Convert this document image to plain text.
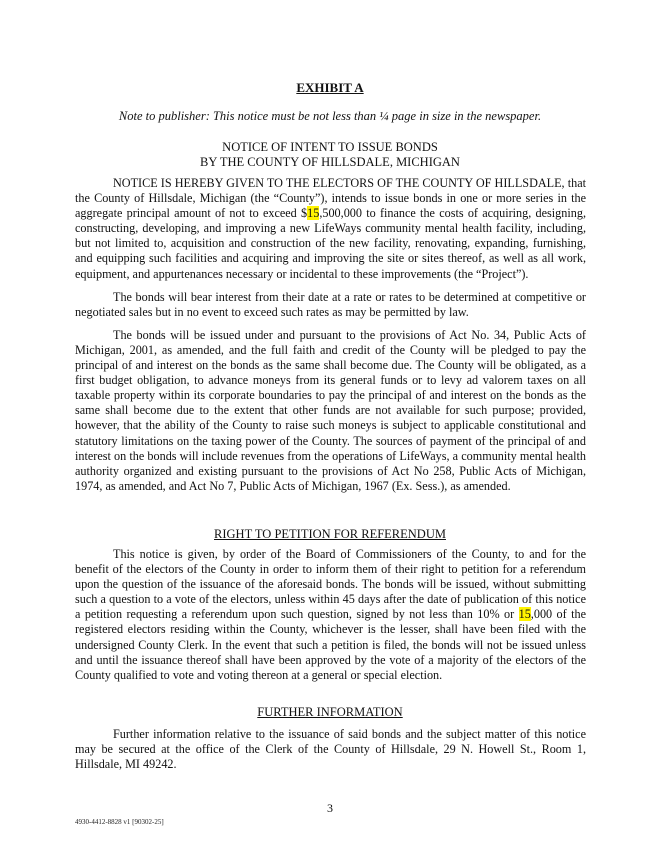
EXHIBIT A

Note to publisher: This notice must be not less than ¼ page in size in the newspaper.

NOTICE OF INTENT TO ISSUE BONDS
BY THE COUNTY OF HILLSDALE, MICHIGAN

NOTICE IS HEREBY GIVEN TO THE ELECTORS OF THE COUNTY OF HILLSDALE, that the County of Hillsdale, Michigan (the “County”), intends to issue bonds in one or more series in the aggregate principal amount of not to exceed $15,500,000 to finance the costs of acquiring, designing, constructing, developing, and improving a new LifeWays community mental health facility, including, but not limited to, acquisition and construction of the new facility, renovating, expanding, furnishing, and equipping such facilities and acquiring and improving the site or sites thereof, as well as all work, equipment, and appurtenances necessary or incidental to these improvements (the “Project”).

The bonds will bear interest from their date at a rate or rates to be determined at competitive or negotiated sales but in no event to exceed such rates as may be permitted by law.

The bonds will be issued under and pursuant to the provisions of Act No. 34, Public Acts of Michigan, 2001, as amended, and the full faith and credit of the County will be pledged to pay the principal of and interest on the bonds as the same shall become due. The County will be obligated, as a first budget obligation, to advance moneys from its general funds or to levy ad valorem taxes on all taxable property within its corporate boundaries to pay the principal of and interest on the bonds as the same shall become due to the extent that other funds are not available for such purpose; provided, however, that the ability of the County to raise such moneys is subject to applicable constitutional and statutory limitations on the taxing power of the County. The sources of payment of the principal of and interest on the bonds will include revenues from the operations of LifeWays, a community mental health authority organized and existing pursuant to the provisions of Act No 258, Public Acts of Michigan, 1974, as amended, and Act No 7, Public Acts of Michigan, 1967 (Ex. Sess.), as amended.

RIGHT TO PETITION FOR REFERENDUM

This notice is given, by order of the Board of Commissioners of the County, to and for the benefit of the electors of the County in order to inform them of their right to petition for a referendum upon the question of the issuance of the aforesaid bonds. The bonds will be issued, without submitting such a question to a vote of the electors, unless within 45 days after the date of publication of this notice a petition requesting a referendum upon such question, signed by not less than 10% or 15,000 of the registered electors residing within the County, whichever is the lesser, shall have been filed with the undersigned County Clerk. In the event that such a petition is filed, the bonds will not be issued unless and until the issuance thereof shall have been approved by the vote of a majority of the electors of the County qualified to vote and voting thereon at a general or special election.

FURTHER INFORMATION

Further information relative to the issuance of said bonds and the subject matter of this notice may be secured at the office of the Clerk of the County of Hillsdale, 29 N. Howell St., Room 1, Hillsdale, MI 49242.

3

4930-4412-8828 v1 [90302-25]
